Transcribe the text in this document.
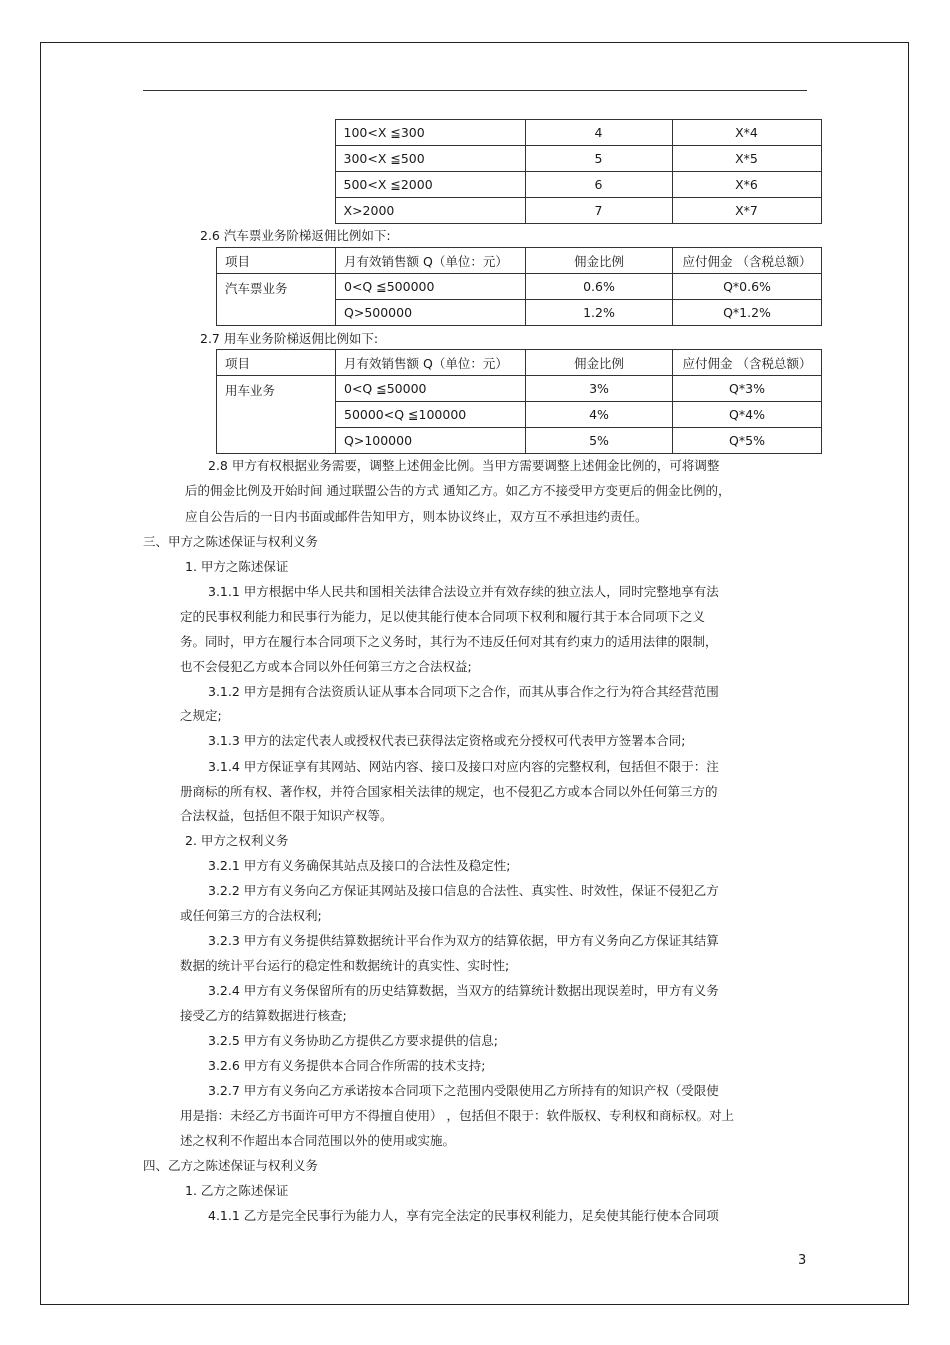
	100<X ≦300	4	X*4
	300<X ≦500	5	X*5
	500<X ≦2000	6	X*6
	X>2000	7	X*7
2.6 汽车票业务阶梯返佣比例如下:
项目	月有效销售额 Q（单位：元）	佣金比例	应付佣金 （含税总额）
汽车票业务	0<Q ≦500000	0.6%	Q*0.6%
	Q>500000	1.2%	Q*1.2%
2.7 用车业务阶梯返佣比例如下:
项目	月有效销售额 Q（单位：元）	佣金比例	应付佣金 （含税总额）
用车业务	0<Q ≦50000	3%	Q*3%
	50000<Q ≦100000	4%	Q*4%
	Q>100000	5%	Q*5%
2.8 甲方有权根据业务需要，调整上述佣金比例。当甲方需要调整上述佣金比例的，可将调整
后的佣金比例及开始时间 通过联盟公告的方式 通知乙方。如乙方不接受甲方变更后的佣金比例的，
应自公告后的一日内书面或邮件告知甲方，则本协议终止，双方互不承担违约责任。
三、甲方之陈述保证与权利义务
1. 甲方之陈述保证
3.1.1 甲方根据中华人民共和国相关法律合法设立并有效存续的独立法人，同时完整地享有法
定的民事权利能力和民事行为能力，足以使其能行使本合同项下权利和履行其于本合同项下之义
务。同时，甲方在履行本合同项下之义务时，其行为不违反任何对其有约束力的适用法律的限制，
也不会侵犯乙方或本合同以外任何第三方之合法权益;
3.1.2 甲方是拥有合法资质认证从事本合同项下之合作，而其从事合作之行为符合其经营范围
之规定;
3.1.3 甲方的法定代表人或授权代表已获得法定资格或充分授权可代表甲方签署本合同;
3.1.4 甲方保证享有其网站、网站内容、接口及接口对应内容的完整权利，包括但不限于：注
册商标的所有权、著作权，并符合国家相关法律的规定，也不侵犯乙方或本合同以外任何第三方的
合法权益，包括但不限于知识产权等。
2. 甲方之权利义务
3.2.1 甲方有义务确保其站点及接口的合法性及稳定性;
3.2.2 甲方有义务向乙方保证其网站及接口信息的合法性、真实性、时效性，保证不侵犯乙方
或任何第三方的合法权利;
3.2.3 甲方有义务提供结算数据统计平台作为双方的结算依据，甲方有义务向乙方保证其结算
数据的统计平台运行的稳定性和数据统计的真实性、实时性;
3.2.4 甲方有义务保留所有的历史结算数据，当双方的结算统计数据出现误差时，甲方有义务
接受乙方的结算数据进行核查;
3.2.5 甲方有义务协助乙方提供乙方要求提供的信息;
3.2.6 甲方有义务提供本合同合作所需的技术支持;
3.2.7 甲方有义务向乙方承诺按本合同项下之范围内受限使用乙方所持有的知识产权（受限使
用是指：未经乙方书面许可甲方不得擅自使用） ，包括但不限于：软件版权、专利权和商标权。对上
述之权利不作超出本合同范围以外的使用或实施。
四、乙方之陈述保证与权利义务
1. 乙方之陈述保证
4.1.1 乙方是完全民事行为能力人，享有完全法定的民事权利能力，足矣使其能行使本合同项
3
